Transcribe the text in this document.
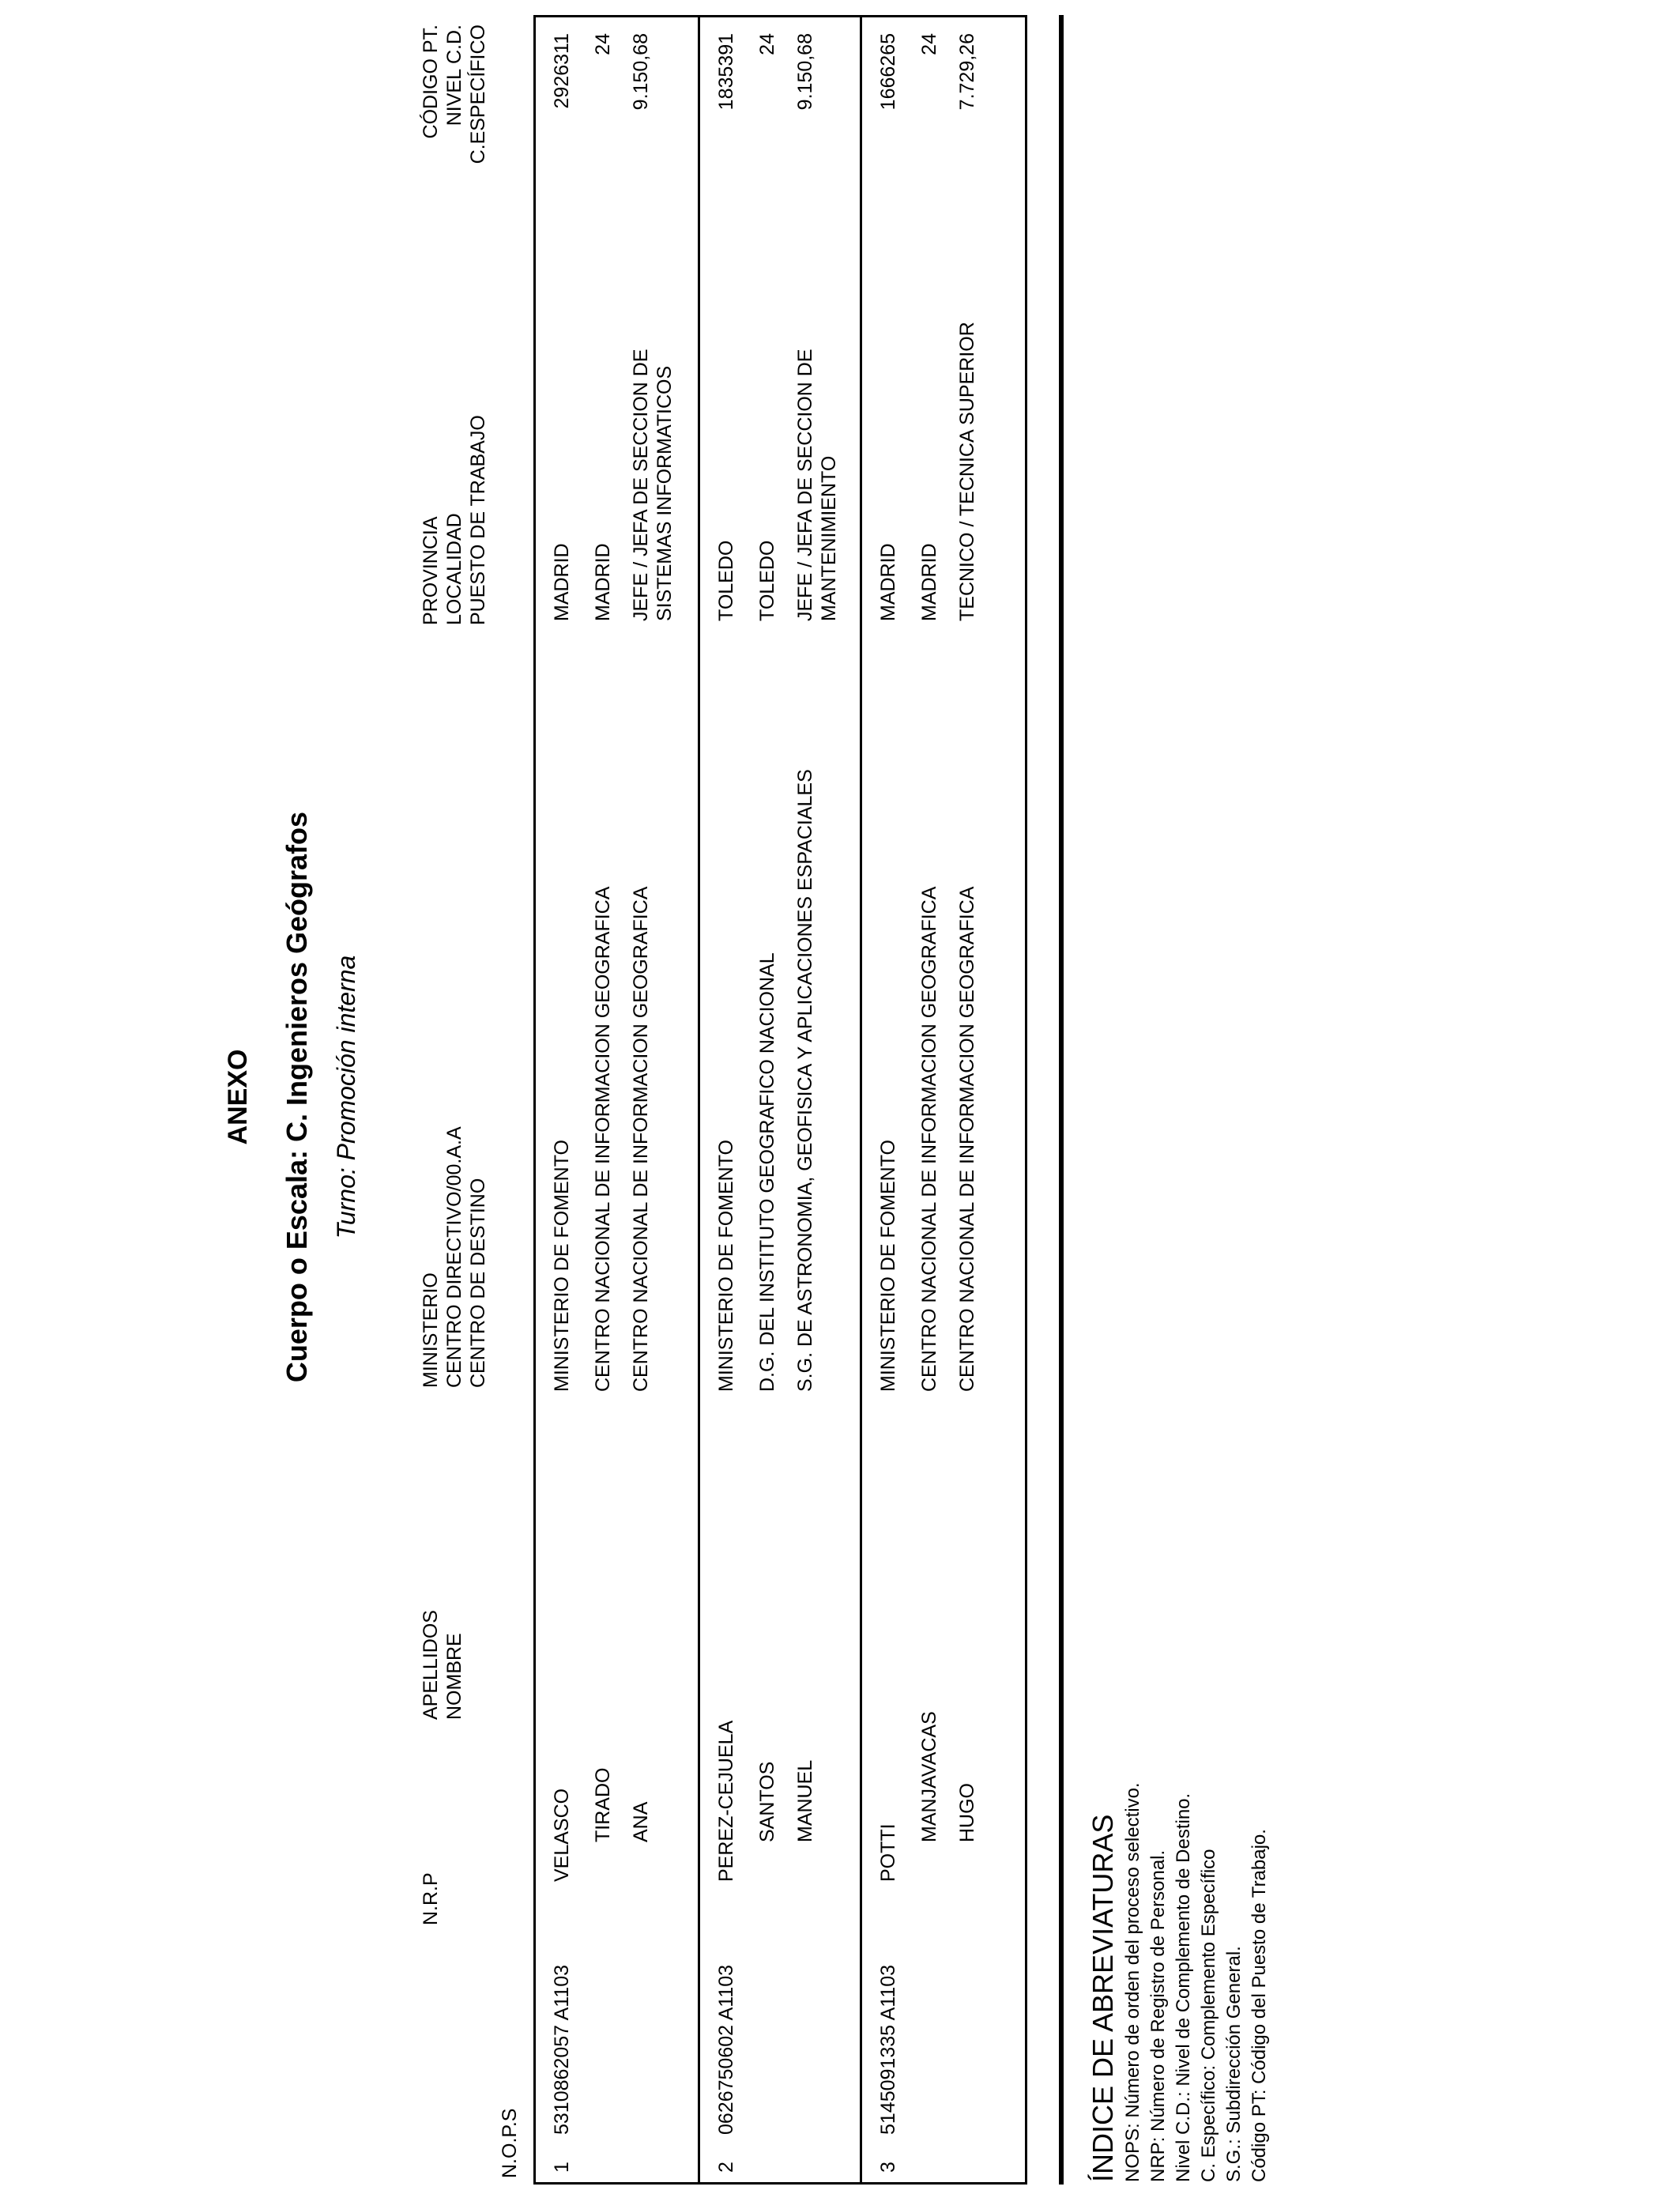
ANEXO Cuerpo o Escala: C. Ingenieros Geógrafos Turno: Promoción interna
N.O.P.S
N.R.P
APELLIDOS NOMBRE
MINISTERIO CENTRO DIRECTIVO/00.A.A CENTRO DE DESTINO
PROVINCIA LOCALIDAD PUESTO DE TRABAJO
CÓDIGO PT. NIVEL C.D. C.ESPECÍFICO
1
5310862057 A1103
VELASCO TIRADO ANA
MINISTERIO DE FOMENTO CENTRO NACIONAL DE INFORMACION GEOGRAFICA CENTRO NACIONAL DE INFORMACION GEOGRAFICA
MADRID MADRID JEFE / JEFA DE SECCION DE SISTEMAS INFORMATICOS
2926311 24 9.150,68
2
0626750602 A1103
PEREZ-CEJUELA SANTOS MANUEL
MINISTERIO DE FOMENTO D.G. DEL INSTITUTO GEOGRAFICO NACIONAL S.G. DE ASTRONOMIA, GEOFISICA Y APLICACIONES ESPACIALES
TOLEDO TOLEDO JEFE / JEFA DE SECCION DE MANTENIMIENTO
1835391 24 9.150,68
3
5145091335 A1103
POTTI
MANJAVACAS HUGO
MINISTERIO DE FOMENTO CENTRO NACIONAL DE INFORMACION GEOGRAFICA CENTRO NACIONAL DE INFORMACION GEOGRAFICA
MADRID MADRID TECNICO / TECNICA SUPERIOR
1666265 24 7.729,26
ÍNDICE DE ABREVIATURAS NOPS: Número de orden del proceso selectivo. NRP: Número de Registro de Personal. Nivel C.D.: Nivel de Complemento de Destino. C. Específico: Complemento Específico S.G.: Subdirección General. Código PT: Código del Puesto de Trabajo.
